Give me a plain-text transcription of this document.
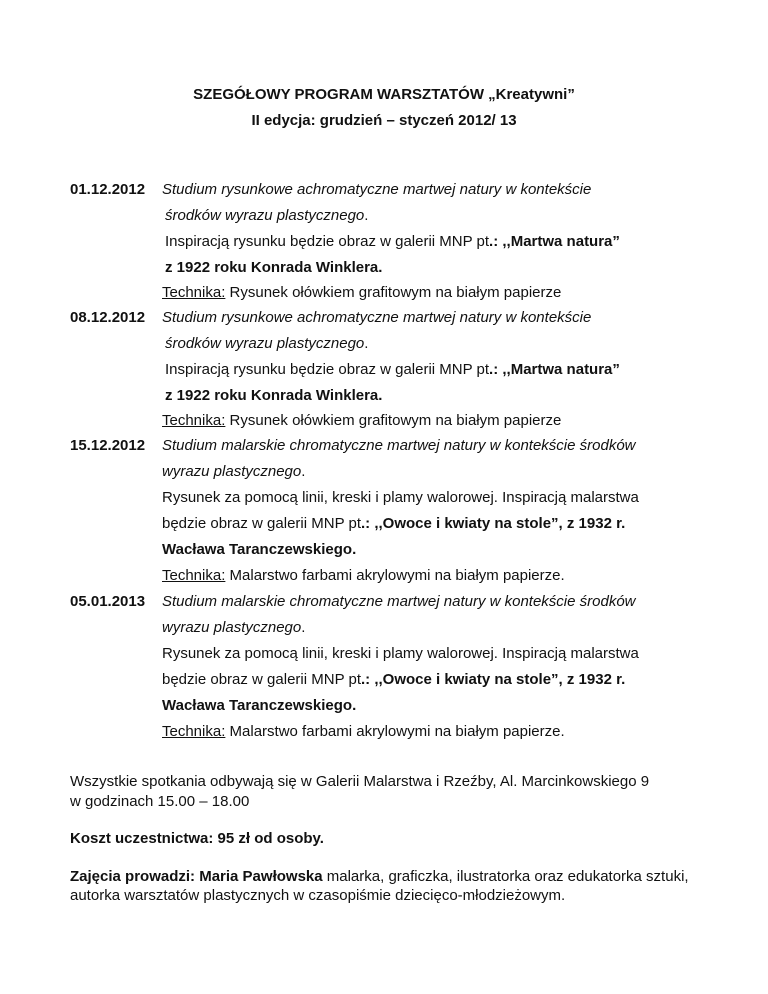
SZEGÓŁOWY PROGRAM WARSZTATÓW „Kreatywni”
II edycja: grudzień – styczeń 2012/ 13
01.12.2012 Studium rysunkowe achromatyczne martwej natury w kontekście
środków wyrazu plastycznego.
Inspiracją rysunku będzie obraz w galerii MNP pt.: ,,Martwa natura”
z 1922 roku Konrada Winklera.
Technika: Rysunek ołówkiem grafitowym na białym papierze
08.12.2012 Studium rysunkowe achromatyczne martwej natury w kontekście
środków wyrazu plastycznego.
Inspiracją rysunku będzie obraz w galerii MNP pt.: ,,Martwa natura”
z 1922 roku Konrada Winklera.
Technika: Rysunek ołówkiem grafitowym na białym papierze
15.12.2012 Studium malarskie chromatyczne martwej natury w kontekście środków
wyrazu plastycznego.
Rysunek za pomocą linii, kreski i plamy walorowej. Inspiracją malarstwa
będzie obraz w galerii MNP pt.: ,,Owoce i kwiaty na stole”, z 1932 r.
Wacława Taranczewskiego.
Technika: Malarstwo farbami akrylowymi na białym papierze.
05.01.2013 Studium malarskie chromatyczne martwej natury w kontekście środków
wyrazu plastycznego.
Rysunek za pomocą linii, kreski i plamy walorowej. Inspiracją malarstwa
będzie obraz w galerii MNP pt.: ,,Owoce i kwiaty na stole”, z 1932 r.
Wacława Taranczewskiego.
Technika: Malarstwo farbami akrylowymi na białym papierze.
Wszystkie spotkania odbywają się w Galerii Malarstwa i Rzeźby, Al. Marcinkowskiego 9
w godzinach 15.00 – 18.00
Koszt uczestnictwa: 95 zł od osoby.
Zajęcia prowadzi: Maria Pawłowska malarka, graficzka, ilustratorka oraz edukatorka sztuki, autorka warsztatów plastycznych w czasopiśmie dziecięco-młodzieżowym.
